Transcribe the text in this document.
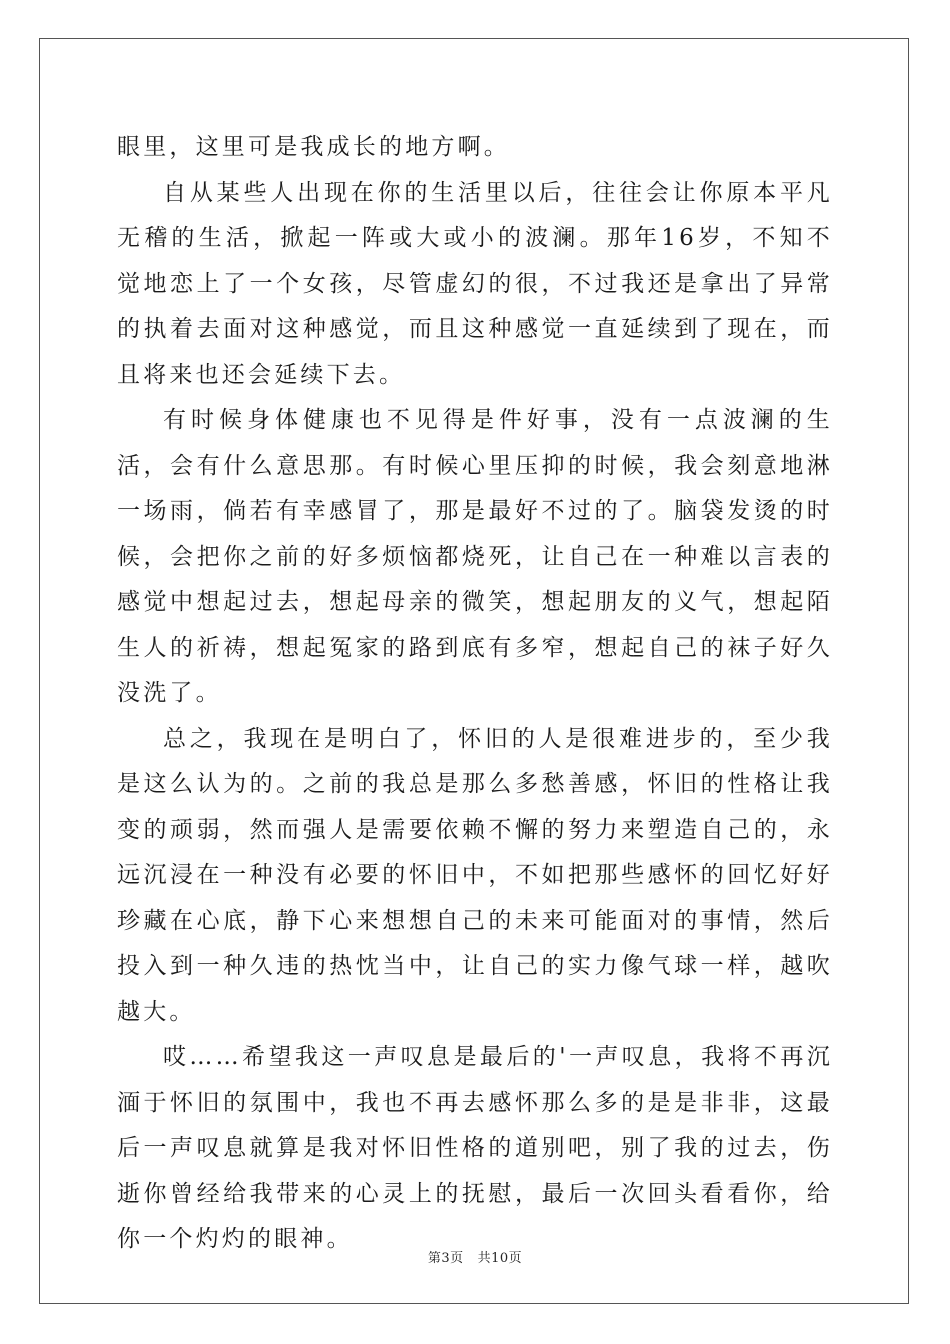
眼里，这里可是我成长的地方啊。

自从某些人出现在你的生活里以后，往往会让你原本平凡无稽的生活，掀起一阵或大或小的波澜。那年16岁，不知不觉地恋上了一个女孩，尽管虚幻的很，不过我还是拿出了异常的执着去面对这种感觉，而且这种感觉一直延续到了现在，而且将来也还会延续下去。

有时候身体健康也不见得是件好事，没有一点波澜的生活，会有什么意思那。有时候心里压抑的时候，我会刻意地淋一场雨，倘若有幸感冒了，那是最好不过的了。脑袋发烫的时候，会把你之前的好多烦恼都烧死，让自己在一种难以言表的感觉中想起过去，想起母亲的微笑，想起朋友的义气，想起陌生人的祈祷，想起冤家的路到底有多窄，想起自己的袜子好久没洗了。

总之，我现在是明白了，怀旧的人是很难进步的，至少我是这么认为的。之前的我总是那么多愁善感，怀旧的性格让我变的顽弱，然而强人是需要依赖不懈的努力来塑造自己的，永远沉浸在一种没有必要的怀旧中，不如把那些感怀的回忆好好珍藏在心底，静下心来想想自己的未来可能面对的事情，然后投入到一种久违的热忱当中，让自己的实力像气球一样，越吹越大。

哎……希望我这一声叹息是最后的'一声叹息，我将不再沉湎于怀旧的氛围中，我也不再去感怀那么多的是是非非，这最后一声叹息就算是我对怀旧性格的道别吧，别了我的过去，伤逝你曾经给我带来的心灵上的抚慰，最后一次回头看看你，给你一个灼灼的眼神。

第3页 共10页
